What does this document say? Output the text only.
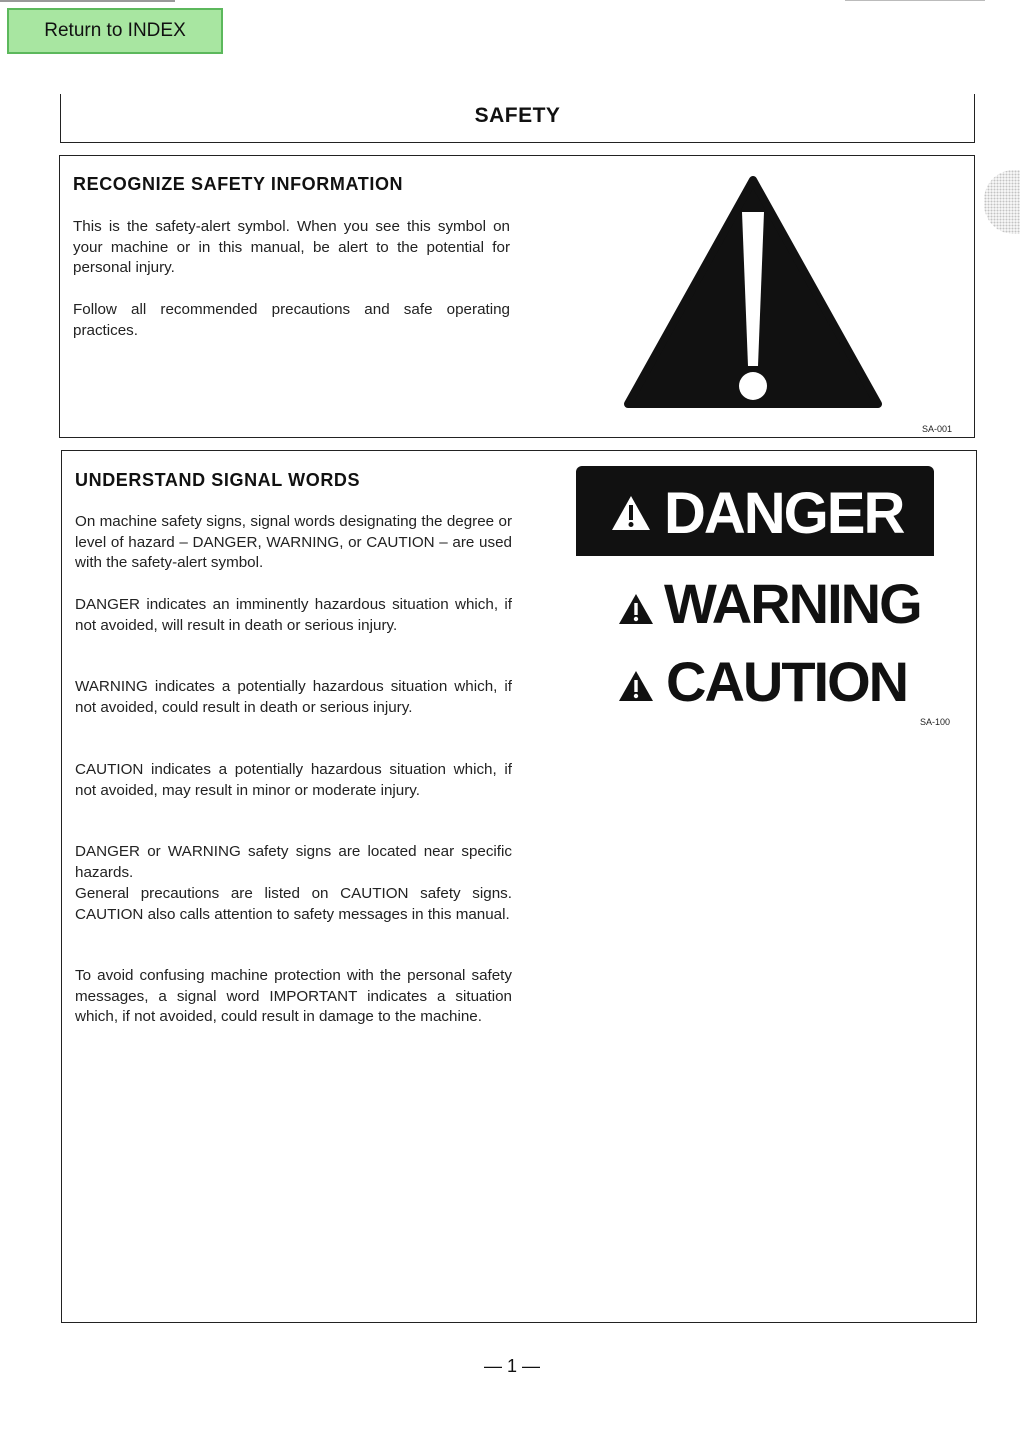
Return to INDEX
SAFETY
RECOGNIZE SAFETY INFORMATION
This is the safety-alert symbol. When you see this symbol on your machine or in this manual, be alert to the potential for personal injury.
Follow all recommended precautions and safe operating practices.
SA-001
UNDERSTAND SIGNAL WORDS
On machine safety signs, signal words designating the degree or level of hazard – DANGER, WARNING, or CAUTION – are used with the safety-alert symbol.
DANGER indicates an imminently hazardous situation which, if not avoided, will result in death or serious injury.
WARNING indicates a potentially hazardous situation which, if not avoided, could result in death or serious injury.
CAUTION indicates a potentially hazardous situation which, if not avoided, may result in minor or moderate injury.
DANGER or WARNING safety signs are located near specific hazards.
General precautions are listed on CAUTION safety signs. CAUTION also calls attention to safety messages in this manual.
To avoid confusing machine protection with the personal safety messages, a signal word IMPORTANT indicates a situation which, if not avoided, could result in damage to the machine.
DANGER
WARNING
CAUTION
SA-100
— 1 —
